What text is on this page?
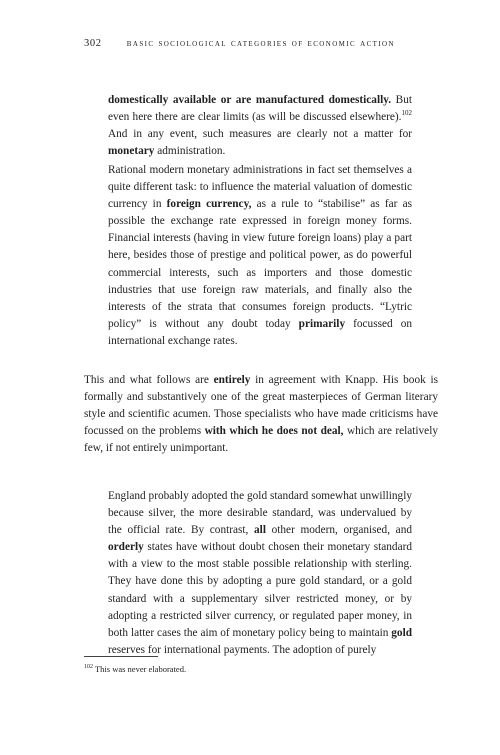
302 basic sociological categories of economic action

domestically available or are manufactured domestically. But even here there are clear limits (as will be discussed elsewhere).$^{102}$ And in any event, such measures are clearly not a matter for monetary administration.

Rational modern monetary administrations in fact set themselves a quite different task: to influence the material valuation of domestic currency in foreign currency, as a rule to “stabilise” as far as possible the exchange rate expressed in foreign money forms. Financial interests (having in view future foreign loans) play a part here, besides those of prestige and political power, as do powerful commercial interests, such as importers and those domestic industries that use foreign raw materials, and finally also the interests of the strata that consumes foreign products. “Lytric policy” is without any doubt today primarily focussed on international exchange rates.

This and what follows are entirely in agreement with Knapp. His book is formally and substantively one of the great masterpieces of German literary style and scientific acumen. Those specialists who have made criticisms have focussed on the problems with which he does not deal, which are relatively few, if not entirely unimportant.

England probably adopted the gold standard somewhat unwillingly because silver, the more desirable standard, was undervalued by the official rate. By contrast, all other modern, organised, and orderly states have without doubt chosen their monetary standard with a view to the most stable possible relationship with sterling. They have done this by adopting a pure gold standard, or a gold standard with a supplementary silver restricted money, or by adopting a restricted silver currency, or regulated paper money, in both latter cases the aim of monetary policy being to maintain gold reserves for international payments. The adoption of purely

$^{102}$ This was never elaborated.
